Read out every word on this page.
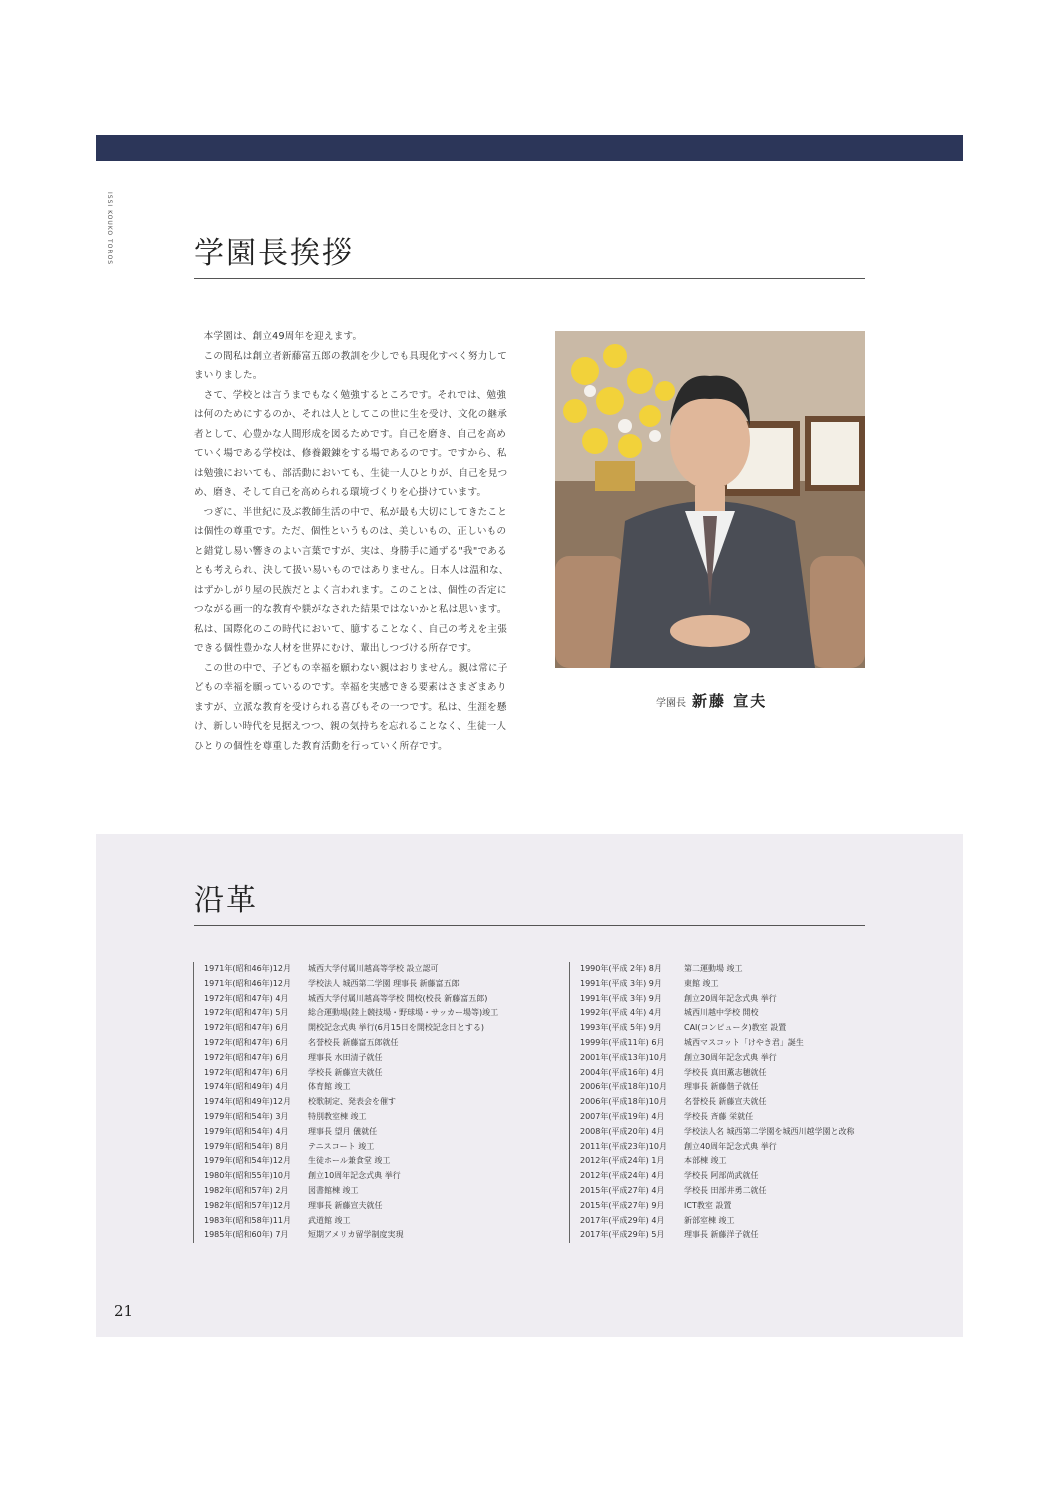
ISSI KOUKO TOROS	学園長挨拶

本学園は、創立49周年を迎えます。

この間私は創立者新藤富五郎の教訓を少しでも具現化すべく努力してまいりました。

さて、学校とは言うまでもなく勉強するところです。それでは、勉強は何のためにするのか、それは人としてこの世に生を受け、文化の継承者として、心豊かな人間形成を図るためです。自己を磨き、自己を高めていく場である学校は、修養鍛錬をする場であるのです。ですから、私は勉強においても、部活動においても、生徒一人ひとりが、自己を見つめ、磨き、そして自己を高められる環境づくりを心掛けています。

つぎに、半世紀に及ぶ教師生活の中で、私が最も大切にしてきたことは個性の尊重です。ただ、個性というものは、美しいもの、正しいものと錯覚し易い響きのよい言葉ですが、実は、身勝手に通ずる"我"であるとも考えられ、決して扱い易いものではありません。日本人は温和な、はずかしがり屋の民族だとよく言われます。このことは、個性の否定につながる画一的な教育や躾がなされた結果ではないかと私は思います。私は、国際化のこの時代において、臆することなく、自己の考えを主張できる個性豊かな人材を世界にむけ、輩出しつづける所存です。

この世の中で、子どもの幸福を願わない親はおりません。親は常に子どもの幸福を願っているのです。幸福を実感できる要素はさまざまありますが、立派な教育を受けられる喜びもその一つです。私は、生涯を懸け、新しい時代を見据えつつ、親の気持ちを忘れることなく、生徒一人ひとりの個性を尊重した教育活動を行っていく所存です。

学園長 新藤 宣夫
沿革
1971年(昭和46年)12月 城西大学付属川越高等学校 設立認可
1971年(昭和46年)12月 学校法人 城西第二学園 理事長 新藤富五郎
1972年(昭和47年) 4月 城西大学付属川越高等学校 開校(校長 新藤富五郎)
1972年(昭和47年) 5月 総合運動場(陸上競技場・野球場・サッカー場等)竣工
1972年(昭和47年) 6月 開校記念式典 挙行(6月15日を開校記念日とする)
1972年(昭和47年) 6月 名誉校長 新藤富五郎就任
1972年(昭和47年) 6月 理事長 水田清子就任
1972年(昭和47年) 6月 学校長 新藤宣夫就任
1974年(昭和49年) 4月 体育館 竣工
1974年(昭和49年)12月 校歌制定、発表会を催す
1979年(昭和54年) 3月 特別教室棟 竣工
1979年(昭和54年) 4月 理事長 望月 儀就任
1979年(昭和54年) 8月 テニスコート 竣工
1979年(昭和54年)12月 生徒ホール兼食堂 竣工
1980年(昭和55年)10月 創立10周年記念式典 挙行
1982年(昭和57年) 2月 図書館棟 竣工
1982年(昭和57年)12月 理事長 新藤宣夫就任
1983年(昭和58年)11月 武道館 竣工
1985年(昭和60年) 7月 短期アメリカ留学制度実現
1990年(平成 2年) 8月	第二運動場 竣工
1991年(平成 3年) 9月	東館 竣工
1991年(平成 3年) 9月	創立20周年記念式典 挙行
1992年(平成 4年) 4月	城西川越中学校 開校
1993年(平成 5年) 9月	CAI(コンピュータ)教室 設置
1999年(平成11年) 6月 城西マスコット「けやき君」誕生
2001年(平成13年)10月 創立30周年記念式典 挙行
2004年(平成16年) 4月 学校長 真田薫志穂就任
2006年(平成18年)10月 理事長 新藤偕子就任
2006年(平成18年)10月 名誉校長 新藤宣夫就任
2007年(平成19年) 4月 学校長 斉藤 栄就任
2008年(平成20年) 4月 学校法人名 城西第二学園を城西川越学園と改称
2011年(平成23年)10月 創立40周年記念式典 挙行
2012年(平成24年) 1月 本部棟 竣工
2012年(平成24年) 4月 学校長 阿部尚武就任
2015年(平成27年) 4月 学校長 田部井勇二就任
2015年(平成27年) 9月 ICT教室 設置
2017年(平成29年) 4月 新部室棟 竣工
2017年(平成29年) 5月 理事長 新藤洋子就任
21
